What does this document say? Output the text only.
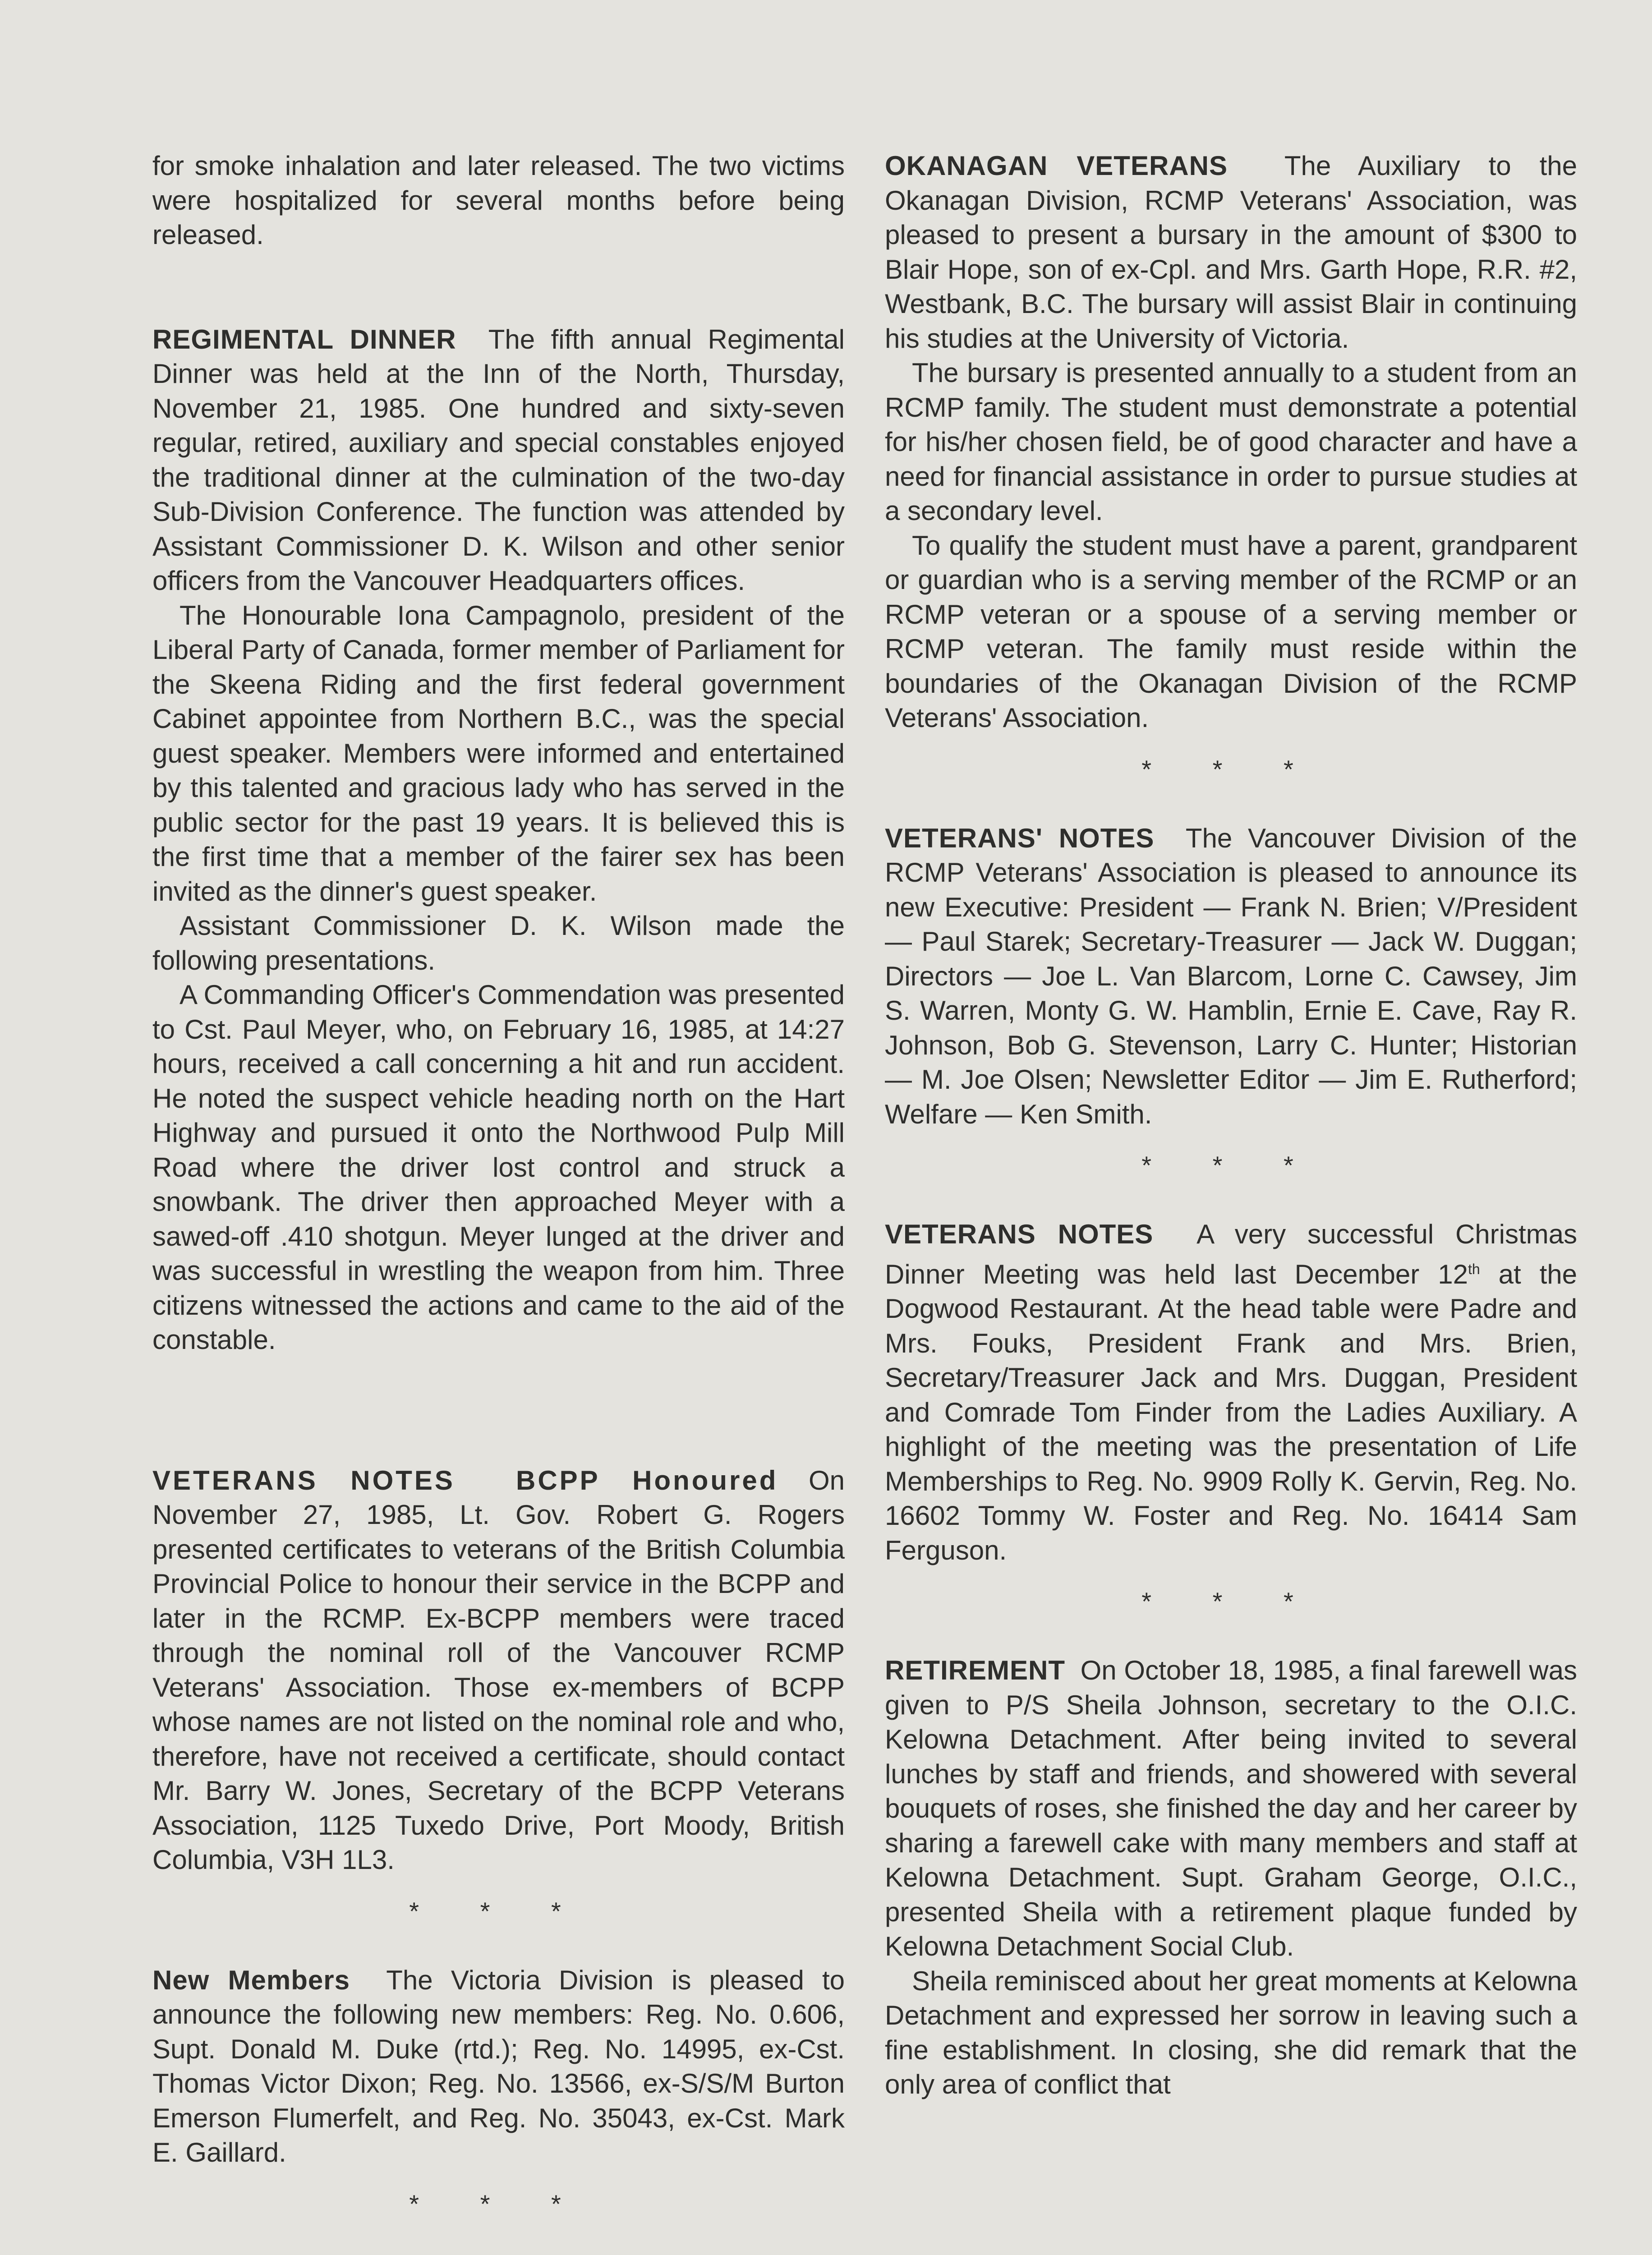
for smoke inhalation and later released. The two victims were hospitalized for several months before being released.

REGIMENTAL DINNER The fifth annual Regimental Dinner was held at the Inn of the North, Thursday, November 21, 1985. One hundred and sixty-seven regular, retired, auxiliary and special constables enjoyed the traditional dinner at the culmination of the two-day Sub-Division Conference. The function was attended by Assistant Commissioner D. K. Wilson and other senior officers from the Vancouver Headquarters offices.

The Honourable Iona Campagnolo, president of the Liberal Party of Canada, former member of Parliament for the Skeena Riding and the first federal government Cabinet appointee from Northern B.C., was the special guest speaker. Members were informed and entertained by this talented and gracious lady who has served in the public sector for the past 19 years. It is believed this is the first time that a member of the fairer sex has been invited as the dinner's guest speaker.

Assistant Commissioner D. K. Wilson made the following presentations.

A Commanding Officer's Commendation was presented to Cst. Paul Meyer, who, on February 16, 1985, at 14:27 hours, received a call concerning a hit and run accident. He noted the suspect vehicle heading north on the Hart Highway and pursued it onto the Northwood Pulp Mill Road where the driver lost control and struck a snowbank. The driver then approached Meyer with a sawed-off .410 shotgun. Meyer lunged at the driver and was successful in wrestling the weapon from him. Three citizens witnessed the actions and came to the aid of the constable.

VETERANS NOTES BCPP Honoured On November 27, 1985, Lt. Gov. Robert G. Rogers presented certificates to veterans of the British Columbia Provincial Police to honour their service in the BCPP and later in the RCMP. Ex-BCPP members were traced through the nominal roll of the Vancouver RCMP Veterans' Association. Those ex-members of BCPP whose names are not listed on the nominal role and who, therefore, have not received a certificate, should contact Mr. Barry W. Jones, Secretary of the BCPP Veterans Association, 1125 Tuxedo Drive, Port Moody, British Columbia, V3H 1L3.

* * *

New Members The Victoria Division is pleased to announce the following new members: Reg. No. 0.606, Supt. Donald M. Duke (rtd.); Reg. No. 14995, ex-Cst. Thomas Victor Dixon; Reg. No. 13566, ex-S/S/M Burton Emerson Flumerfelt, and Reg. No. 35043, ex-Cst. Mark E. Gaillard.

* * *

OKANAGAN VETERANS The Auxiliary to the Okanagan Division, RCMP Veterans' Association, was pleased to present a bursary in the amount of $300 to Blair Hope, son of ex-Cpl. and Mrs. Garth Hope, R.R. #2, Westbank, B.C. The bursary will assist Blair in continuing his studies at the University of Victoria.

The bursary is presented annually to a student from an RCMP family. The student must demonstrate a potential for his/her chosen field, be of good character and have a need for financial assistance in order to pursue studies at a secondary level.

To qualify the student must have a parent, grandparent or guardian who is a serving member of the RCMP or an RCMP veteran or a spouse of a serving member or RCMP veteran. The family must reside within the boundaries of the Okanagan Division of the RCMP Veterans' Association.

* * *

VETERANS' NOTES The Vancouver Division of the RCMP Veterans' Association is pleased to announce its new Executive: President — Frank N. Brien; V/President — Paul Starek; Secretary-Treasurer — Jack W. Duggan; Directors — Joe L. Van Blarcom, Lorne C. Cawsey, Jim S. Warren, Monty G. W. Hamblin, Ernie E. Cave, Ray R. Johnson, Bob G. Stevenson, Larry C. Hunter; Historian — M. Joe Olsen; Newsletter Editor — Jim E. Rutherford; Welfare — Ken Smith.

* * *

VETERANS NOTES A very successful Christmas Dinner Meeting was held last December 12th at the Dogwood Restaurant. At the head table were Padre and Mrs. Fouks, President Frank and Mrs. Brien, Secretary/Treasurer Jack and Mrs. Duggan, President and Comrade Tom Finder from the Ladies Auxiliary. A highlight of the meeting was the presentation of Life Memberships to Reg. No. 9909 Rolly K. Gervin, Reg. No. 16602 Tommy W. Foster and Reg. No. 16414 Sam Ferguson.

* * *

RETIREMENT On October 18, 1985, a final farewell was given to P/S Sheila Johnson, secretary to the O.I.C. Kelowna Detachment. After being invited to several lunches by staff and friends, and showered with several bouquets of roses, she finished the day and her career by sharing a farewell cake with many members and staff at Kelowna Detachment. Supt. Graham George, O.I.C., presented Sheila with a retirement plaque funded by Kelowna Detachment Social Club.

Sheila reminisced about her great moments at Kelowna Detachment and expressed her sorrow in leaving such a fine establishment. In closing, she did remark that the only area of conflict that
